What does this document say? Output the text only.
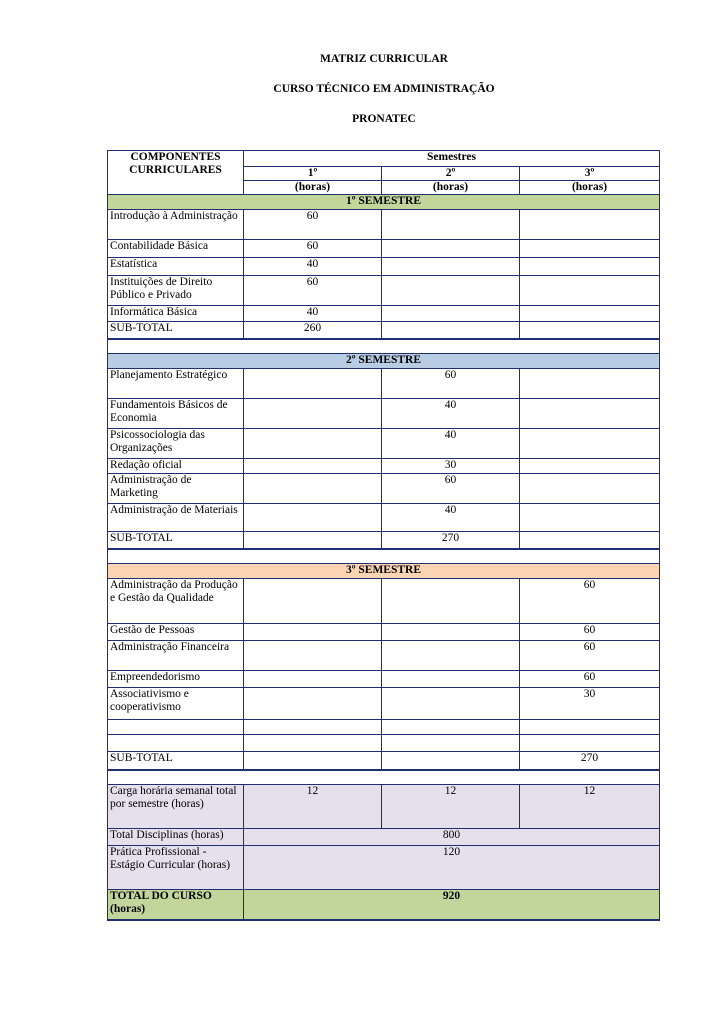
MATRIZ CURRICULAR
CURSO TÉCNICO EM ADMINISTRAÇÃO
PRONATEC
COMPONENTES CURRICULARES	Semestres		
	1º	2º	3º
	(horas)	(horas)	(horas)
1º SEMESTRE			
Introdução à Administração	60		
Contabilidade Básica	60		
Estatística	40		
Instituições de Direito Público e Privado	60		
Informática Básica	40		
SUB-TOTAL	260		

2º SEMESTRE			
Planejamento Estratégico		60	
Fundamentois Básicos de Economia		40	
Psicossociologia das Organizações		40	
Redação oficial		30	
Administração de Marketing		60	
Administração de Materiais		40	
SUB-TOTAL		270	

3º SEMESTRE			
Administração da Produção e Gestão da Qualidade			60
Gestão de Pessoas			60
Administração Financeira			60
Empreendedorismo			60
Associativismo e cooperativismo			30

SUB-TOTAL			270

Carga horária semanal total por semestre (horas)	12	12	12
Total Disciplinas (horas)	800		
Prática Profissional - Estágio Curricular (horas)	120		
TOTAL DO CURSO (horas)	920		
